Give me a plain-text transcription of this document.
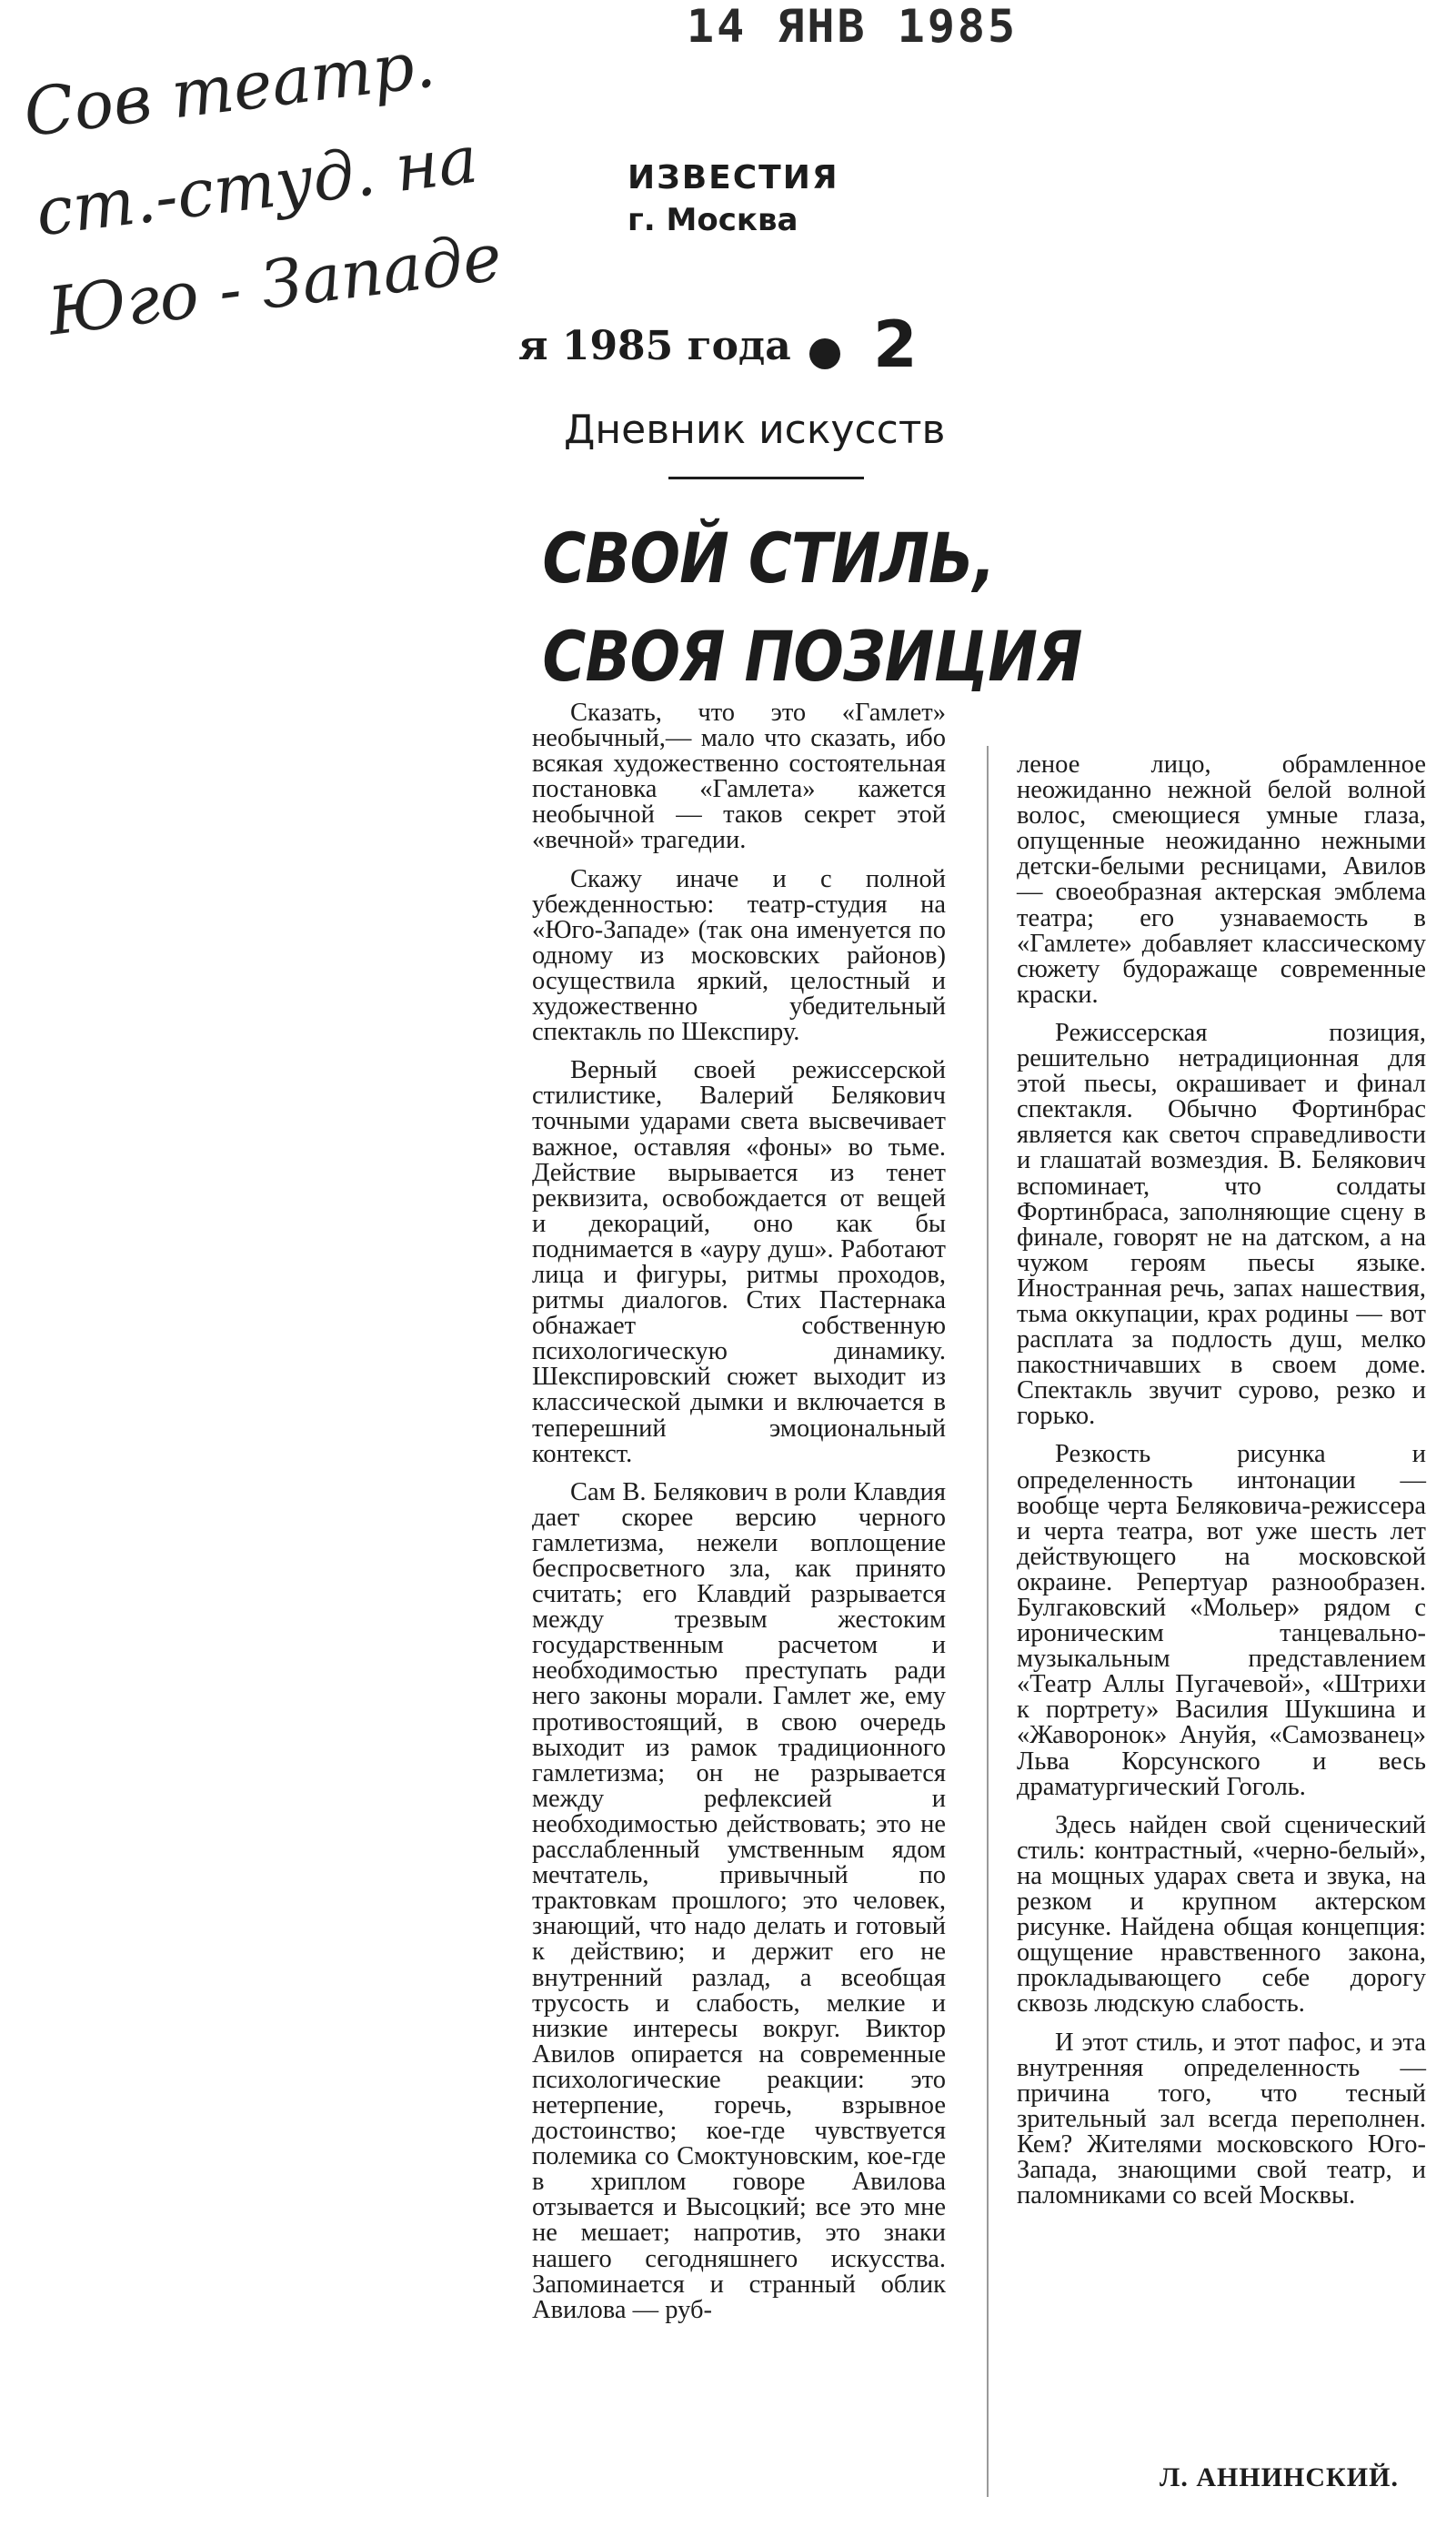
14 ЯНВ 1985
Сов театр.
ст.-студ. на
Юго - Западе
ИЗВЕСТИЯ
г. Москва
я 1985 года 2
Дневник искусств
СВОЙ СТИЛЬ,
СВОЯ ПОЗИЦИЯ

Сказать, что это «Гамлет» необычный,— мало что сказать, ибо всякая художественно состоятельная постановка «Гамлета» кажется необычной — таков секрет этой «вечной» трагедии.

Скажу иначе и с полной убежденностью: театр-студия на «Юго-Западе» (так она именуется по одному из московских районов) осуществила яркий, целостный и художественно убедительный спектакль по Шекспиру.

Верный своей режиссерской стилистике, Валерий Белякович точными ударами света высвечивает важное, оставляя «фоны» во тьме. Действие вырывается из тенет реквизита, освобождается от вещей и декораций, оно как бы поднимается в «ауру душ». Работают лица и фигуры, ритмы проходов, ритмы диалогов. Стих Пастернака обнажает собственную психологическую динамику. Шекспировский сюжет выходит из классической дымки и включается в теперешний эмоциональный контекст.

Сам В. Белякович в роли Клавдия дает скорее версию черного гамлетизма, нежели воплощение беспросветного зла, как принято считать; его Клавдий разрывается между трезвым жестоким государственным расчетом и необходимостью преступать ради него законы морали. Гамлет же, ему противостоящий, в свою очередь выходит из рамок традиционного гамлетизма; он не разрывается между рефлексией и необходимостью действовать; это не расслабленный умственным ядом мечтатель, привычный по трактовкам прошлого; это человек, знающий, что надо делать и готовый к действию; и держит его не внутренний разлад, а всеобщая трусость и слабость, мелкие и низкие интересы вокруг. Виктор Авилов опирается на современные психологические реакции: это нетерпение, горечь, взрывное достоинство; кое-где чувствуется полемика со Смоктуновским, кое-где в хриплом говоре Авилова отзывается и Высоцкий; все это мне не мешает; напротив, это знаки нашего сегодняшнего искусства. Запоминается и странный облик Авилова — руб-

леное лицо, обрамленное неожиданно нежной белой волной волос, смеющиеся умные глаза, опущенные неожиданно нежными детски-белыми ресницами, Авилов — своеобразная актерская эмблема театра; его узнаваемость в «Гамлете» добавляет классическому сюжету будоражаще современные краски.

Режиссерская позиция, решительно нетрадиционная для этой пьесы, окрашивает и финал спектакля. Обычно Фортинбрас является как светоч справедливости и глашатай возмездия. В. Белякович вспоминает, что солдаты Фортинбраса, заполняющие сцену в финале, говорят не на датском, а на чужом героям пьесы языке. Иностранная речь, запах нашествия, тьма оккупации, крах родины — вот расплата за подлость душ, мелко пакостничавших в своем доме. Спектакль звучит сурово, резко и горько.

Резкость рисунка и определенность интонации — вообще черта Беляковича-режиссера и черта театра, вот уже шесть лет действующего на московской окраине. Репертуар разнообразен. Булгаковский «Мольер» рядом с ироническим танцевально-музыкальным представлением «Театр Аллы Пугачевой», «Штрихи к портрету» Василия Шукшина и «Жаворонок» Ануйя, «Самозванец» Льва Корсунского и весь драматургический Гоголь.

Здесь найден свой сценический стиль: контрастный, «черно-белый», на мощных ударах света и звука, на резком и крупном актерском рисунке. Найдена общая концепция: ощущение нравственного закона, прокладывающего себе дорогу сквозь людскую слабость.

И этот стиль, и этот пафос, и эта внутренняя определенность — причина того, что тесный зрительный зал всегда переполнен. Кем? Жителями московского Юго-Запада, знающими свой театр, и паломниками со всей Москвы.

Л. АННИНСКИЙ.
